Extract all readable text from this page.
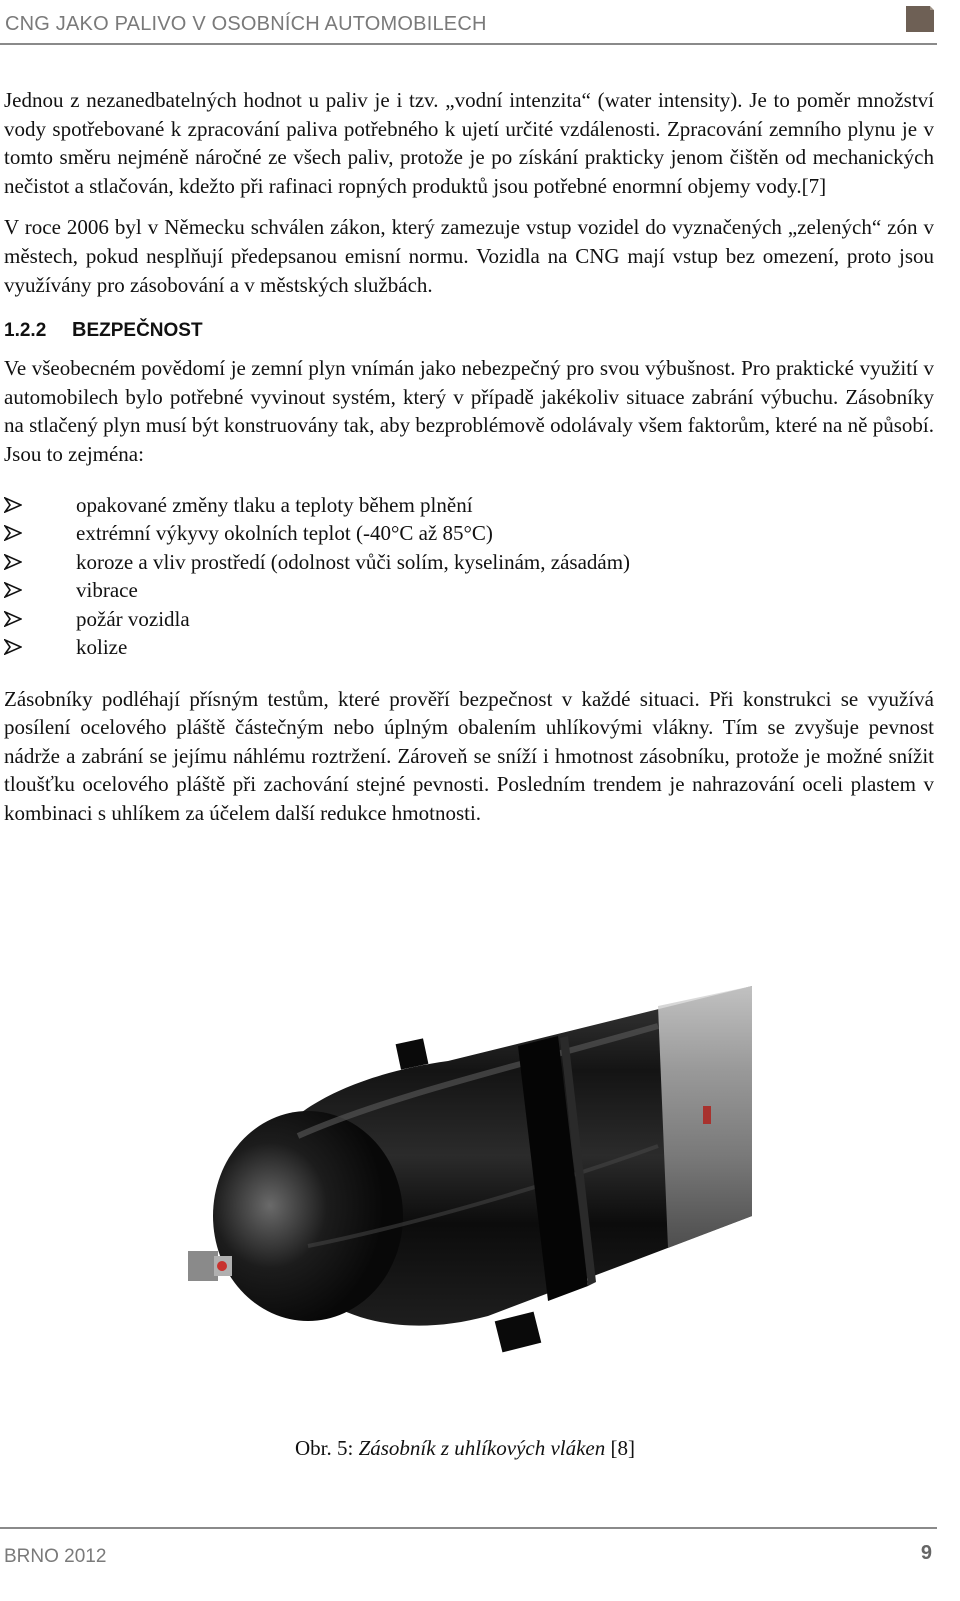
CNG JAKO PALIVO V OSOBNÍCH AUTOMOBILECH

Jednou z nezanedbatelných hodnot u paliv je i tzv. „vodní intenzita“ (water intensity). Je to poměr množství vody spotřebované k zpracování paliva potřebného k ujetí určité vzdálenosti. Zpracování zemního plynu je v tomto směru nejméně náročné ze všech paliv, protože je po získání prakticky jenom čištěn od mechanických nečistot a stlačován, kdežto při rafinaci ropných produktů jsou potřebné enormní objemy vody.[7]

V roce 2006 byl v Německu schválen zákon, který zamezuje vstup vozidel do vyznačených „zelených“ zón v městech, pokud nesplňují předepsanou emisní normu. Vozidla na CNG mají vstup bez omezení, proto jsou využívány pro zásobování a v městských službách.

1.2.2 BEZPEČNOST

Ve všeobecném povědomí je zemní plyn vnímán jako nebezpečný pro svou výbušnost. Pro praktické využití v automobilech bylo potřebné vyvinout systém, který v případě jakékoliv situace zabrání výbuchu. Zásobníky na stlačený plyn musí být konstruovány tak, aby bezproblémově odolávaly všem faktorům, které na ně působí. Jsou to zejména:

opakované změny tlaku a teploty během plnění
extrémní výkyvy okolních teplot (-40°C až 85°C)
koroze a vliv prostředí (odolnost vůči solím, kyselinám, zásadám)
vibrace
požár vozidla
kolize

Zásobníky podléhají přísným testům, které prověří bezpečnost v každé situaci. Při konstrukci se využívá posílení ocelového pláště částečným nebo úplným obalením uhlíkovými vlákny. Tím se zvyšuje pevnost nádrže a zabrání se jejímu náhlému roztržení. Zároveň se sníží i hmotnost zásobníku, protože je možné snížit tloušťku ocelového pláště při zachování stejné pevnosti. Posledním trendem je nahrazování oceli plastem v kombinaci s uhlíkem za účelem další redukce hmotnosti.

Obr. 5: Zásobník z uhlíkových vláken [8]
BRNO 2012	9
